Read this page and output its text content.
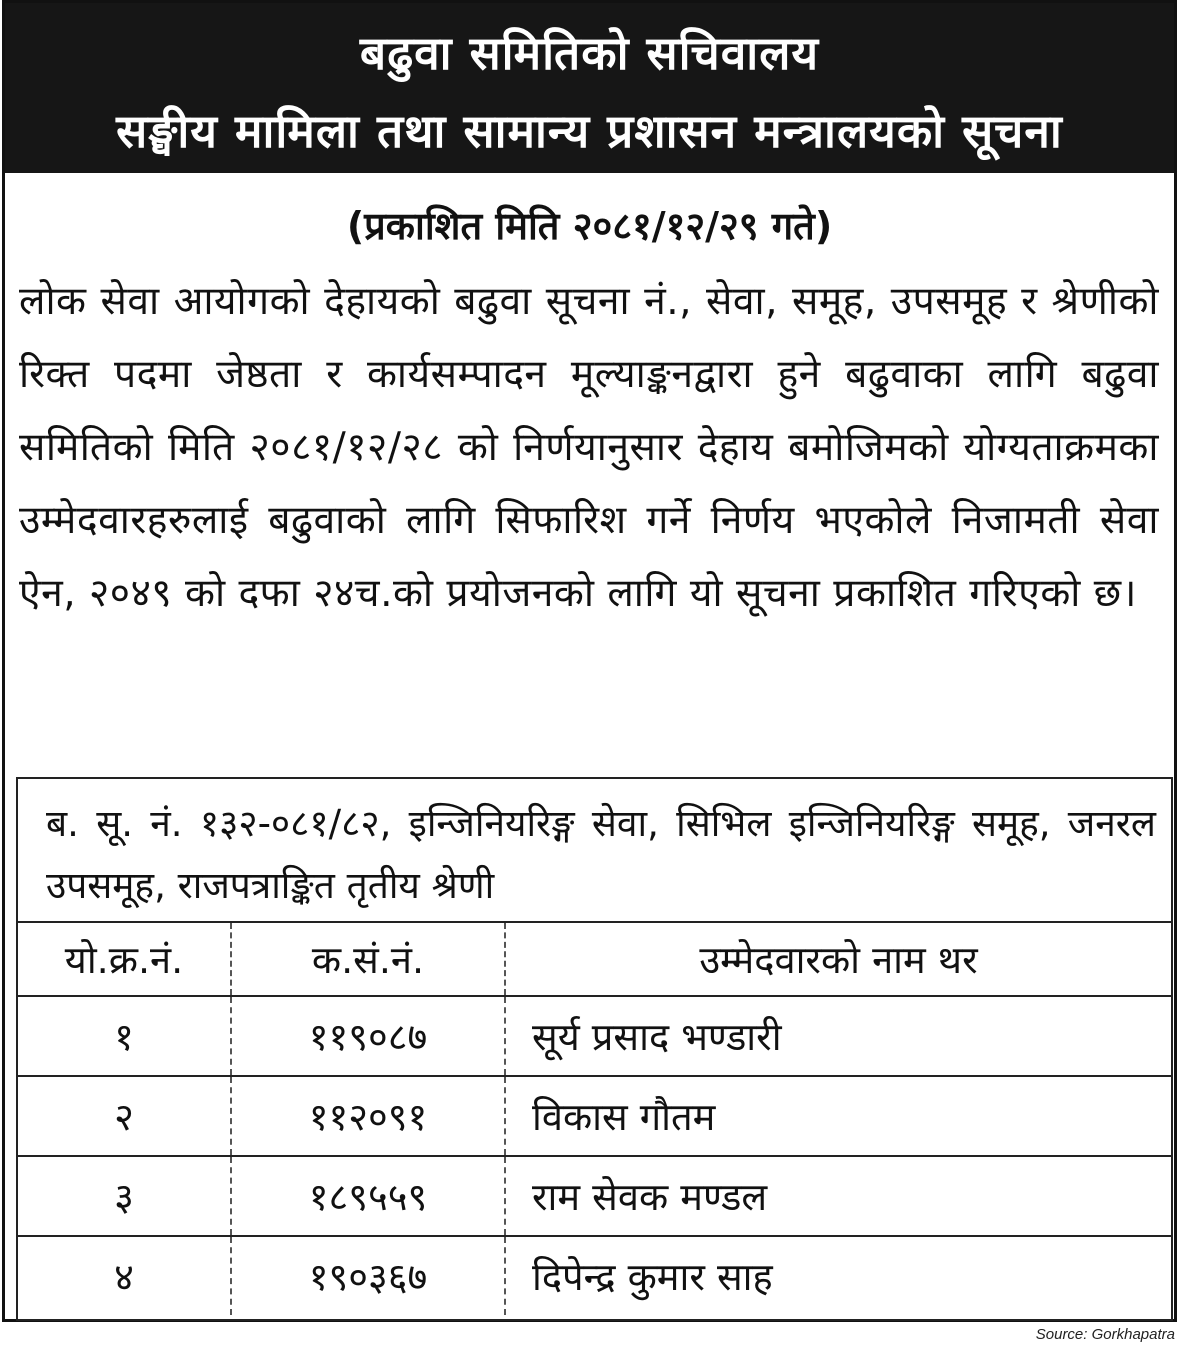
बढुवा समितिको सचिवालय
सङ्घीय मामिला तथा सामान्य प्रशासन मन्त्रालयको सूचना
(प्रकाशित मिति २०८१/१२/२९ गते)
लोक सेवा आयोगको देहायको बढुवा सूचना नं., सेवा, समूह, उपसमूह र श्रेणीको रिक्त पदमा जेष्ठता र कार्यसम्पादन मूल्याङ्कनद्वारा हुने बढुवाका लागि बढुवा समितिको मिति २०८१/१२/२८ को निर्णयानुसार देहाय बमोजिमको योग्यताक्रमका उम्मेदवारहरुलाई बढुवाको लागि सिफारिश गर्ने निर्णय भएकोले निजामती सेवा ऐन, २०४९ को दफा २४च.को प्रयोजनको लागि यो सूचना प्रकाशित गरिएको छ।
ब. सू. नं. १३२-०८१/८२, इन्जिनियरिङ्ग सेवा, सिभिल इन्जिनियरिङ्ग समूह, जनरल उपसमूह, राजपत्राङ्कित तृतीय श्रेणी
यो.क्र.नं.	क.सं.नं.	उम्मेदवारको नाम थर
१	११९०८७	सूर्य प्रसाद भण्डारी
२	११२०९१	विकास गौतम
३	१८९५५९	राम सेवक मण्डल
४	१९०३६७	दिपेन्द्र कुमार साह
Source: Gorkhapatra
